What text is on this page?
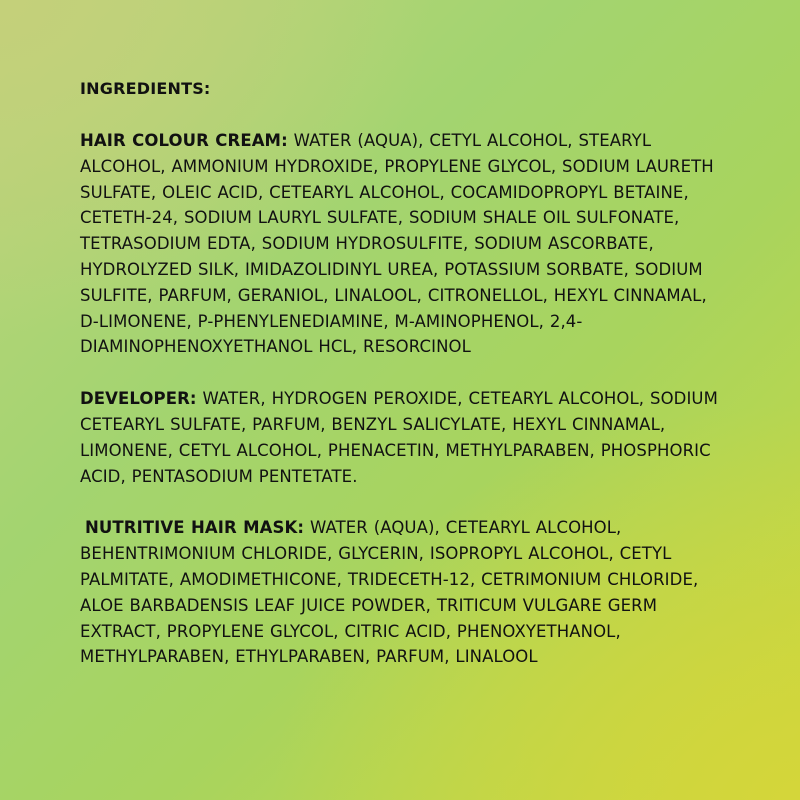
INGREDIENTS:

HAIR COLOUR CREAM: WATER (AQUA), CETYL ALCOHOL, STEARYL ALCOHOL, AMMONIUM HYDROXIDE, PROPYLENE GLYCOL, SODIUM LAURETH SULFATE, OLEIC ACID, CETEARYL ALCOHOL, COCAMIDOPROPYL BETAINE, CETETH-24, SODIUM LAURYL SULFATE, SODIUM SHALE OIL SULFONATE, TETRASODIUM EDTA, SODIUM HYDROSULFITE, SODIUM ASCORBATE, HYDROLYZED SILK, IMIDAZOLIDINYL UREA, POTASSIUM SORBATE, SODIUM SULFITE, PARFUM, GERANIOL, LINALOOL, CITRONELLOL, HEXYL CINNAMAL, D-LIMONENE, P-PHENYLENEDIAMINE, M-AMINOPHENOL, 2,4-DIAMINOPHENOXYETHANOL HCL, RESORCINOL

DEVELOPER: WATER, HYDROGEN PEROXIDE, CETEARYL ALCOHOL, SODIUM CETEARYL SULFATE, PARFUM, BENZYL SALICYLATE, HEXYL CINNAMAL, LIMONENE, CETYL ALCOHOL, PHENACETIN, METHYLPARABEN, PHOSPHORIC ACID, PENTASODIUM PENTETATE.

NUTRITIVE HAIR MASK: WATER (AQUA), CETEARYL ALCOHOL, BEHENTRIMONIUM CHLORIDE, GLYCERIN, ISOPROPYL ALCOHOL, CETYL PALMITATE, AMODIMETHICONE, TRIDECETH-12, CETRIMONIUM CHLORIDE, ALOE BARBADENSIS LEAF JUICE POWDER, TRITICUM VULGARE GERM EXTRACT, PROPYLENE GLYCOL, CITRIC ACID, PHENOXYETHANOL, METHYLPARABEN, ETHYLPARABEN, PARFUM, LINALOOL
